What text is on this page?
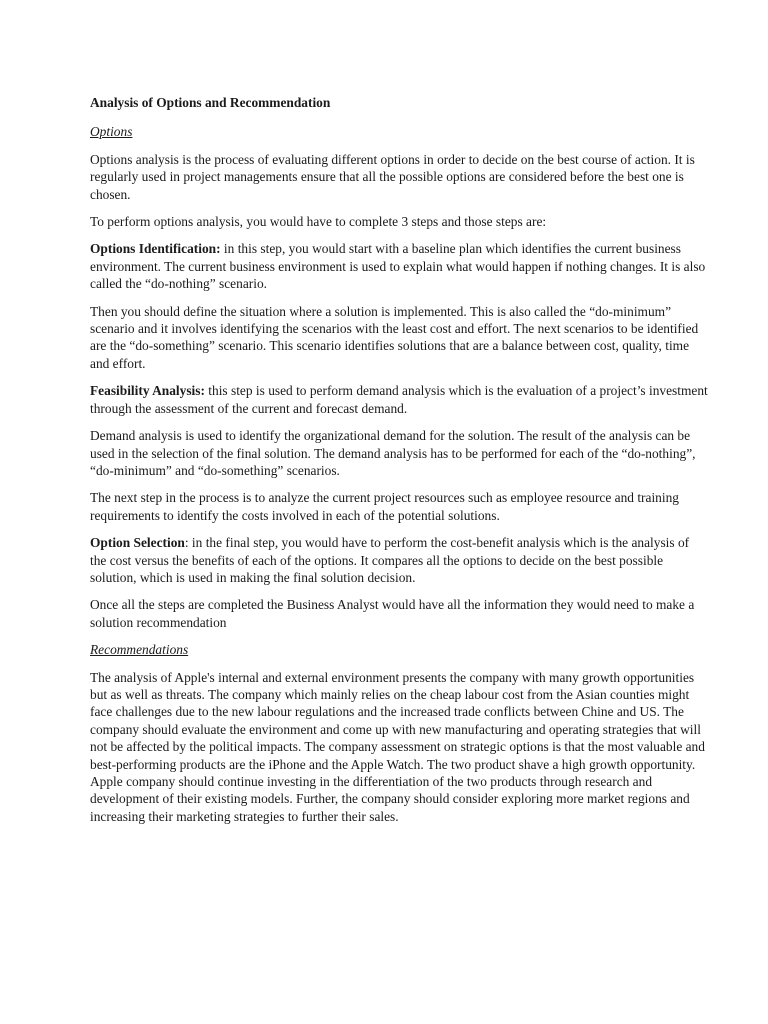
Analysis of Options and Recommendation
Options

Options analysis is the process of evaluating different options in order to decide on the best course of action. It is regularly used in project managements ensure that all the possible options are considered before the best one is chosen.

To perform options analysis, you would have to complete 3 steps and those steps are:

Options Identification: in this step, you would start with a baseline plan which identifies the current business environment. The current business environment is used to explain what would happen if nothing changes. It is also called the “do-nothing” scenario.

Then you should define the situation where a solution is implemented. This is also called the “do-minimum” scenario and it involves identifying the scenarios with the least cost and effort. The next scenarios to be identified are the “do-something” scenario. This scenario identifies solutions that are a balance between cost, quality, time and effort.

Feasibility Analysis: this step is used to perform demand analysis which is the evaluation of a project’s investment through the assessment of the current and forecast demand.

Demand analysis is used to identify the organizational demand for the solution. The result of the analysis can be used in the selection of the final solution. The demand analysis has to be performed for each of the “do-nothing”, “do-minimum” and “do-something” scenarios.

The next step in the process is to analyze the current project resources such as employee resource and training requirements to identify the costs involved in each of the potential solutions.

Option Selection: in the final step, you would have to perform the cost-benefit analysis which is the analysis of the cost versus the benefits of each of the options. It compares all the options to decide on the best possible solution, which is used in making the final solution decision.

Once all the steps are completed the Business Analyst would have all the information they would need to make a solution recommendation

Recommendations

The analysis of Apple's internal and external environment presents the company with many growth opportunities but as well as threats. The company which mainly relies on the cheap labour cost from the Asian counties might face challenges due to the new labour regulations and the increased trade conflicts between Chine and US. The company should evaluate the environment and come up with new manufacturing and operating strategies that will not be affected by the political impacts. The company assessment on strategic options is that the most valuable and best-performing products are the iPhone and the Apple Watch. The two product shave a high growth opportunity. Apple company should continue investing in the differentiation of the two products through research and development of their existing models. Further, the company should consider exploring more market regions and increasing their marketing strategies to further their sales.
